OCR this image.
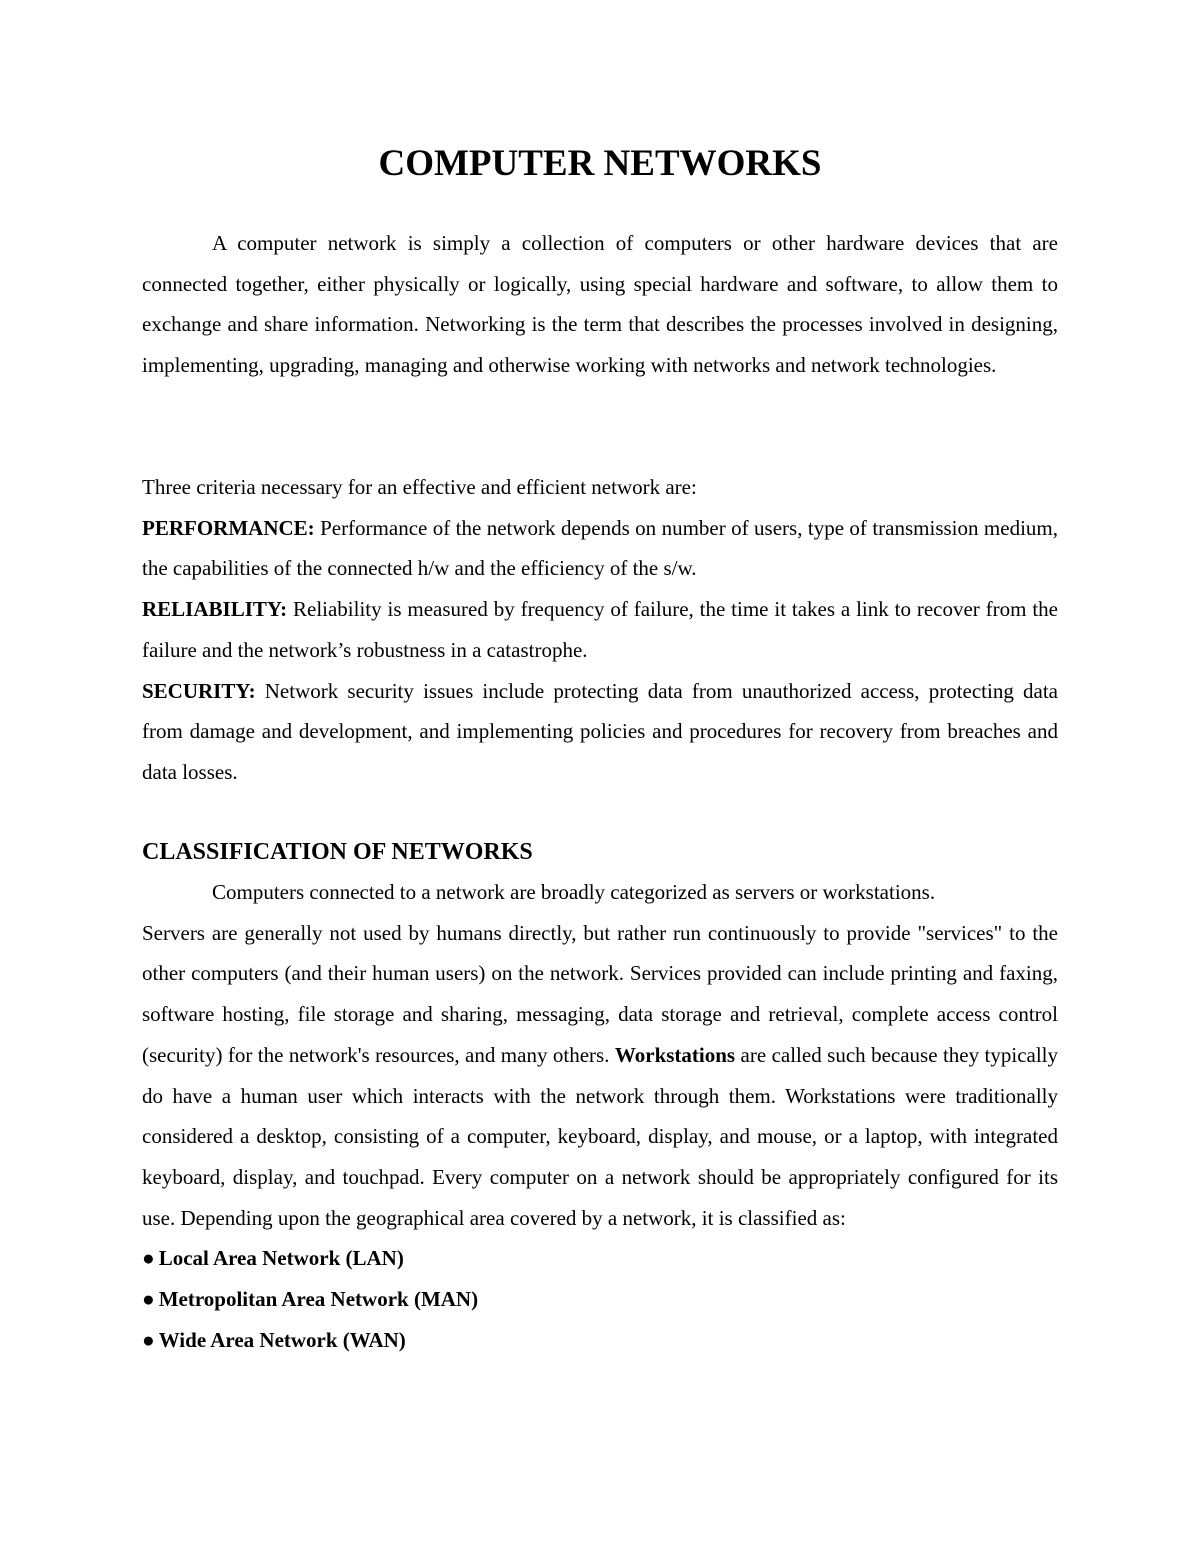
COMPUTER NETWORKS

A computer network is simply a collection of computers or other hardware devices that are connected together, either physically or logically, using special hardware and software, to allow them to exchange and share information. Networking is the term that describes the processes involved in designing, implementing, upgrading, managing and otherwise working with networks and network technologies.

Three criteria necessary for an effective and efficient network are:

PERFORMANCE: Performance of the network depends on number of users, type of transmission medium, the capabilities of the connected h/w and the efficiency of the s/w.

RELIABILITY: Reliability is measured by frequency of failure, the time it takes a link to recover from the failure and the network’s robustness in a catastrophe.

SECURITY: Network security issues include protecting data from unauthorized access, protecting data from damage and development, and implementing policies and procedures for recovery from breaches and data losses.

CLASSIFICATION OF NETWORKS

Computers connected to a network are broadly categorized as servers or workstations.

Servers are generally not used by humans directly, but rather run continuously to provide "services" to the other computers (and their human users) on the network. Services provided can include printing and faxing, software hosting, file storage and sharing, messaging, data storage and retrieval, complete access control (security) for the network's resources, and many others. Workstations are called such because they typically do have a human user which interacts with the network through them. Workstations were traditionally considered a desktop, consisting of a computer, keyboard, display, and mouse, or a laptop, with integrated keyboard, display, and touchpad. Every computer on a network should be appropriately configured for its use. Depending upon the geographical area covered by a network, it is classified as:

● Local Area Network (LAN)
● Metropolitan Area Network (MAN)
● Wide Area Network (WAN)
